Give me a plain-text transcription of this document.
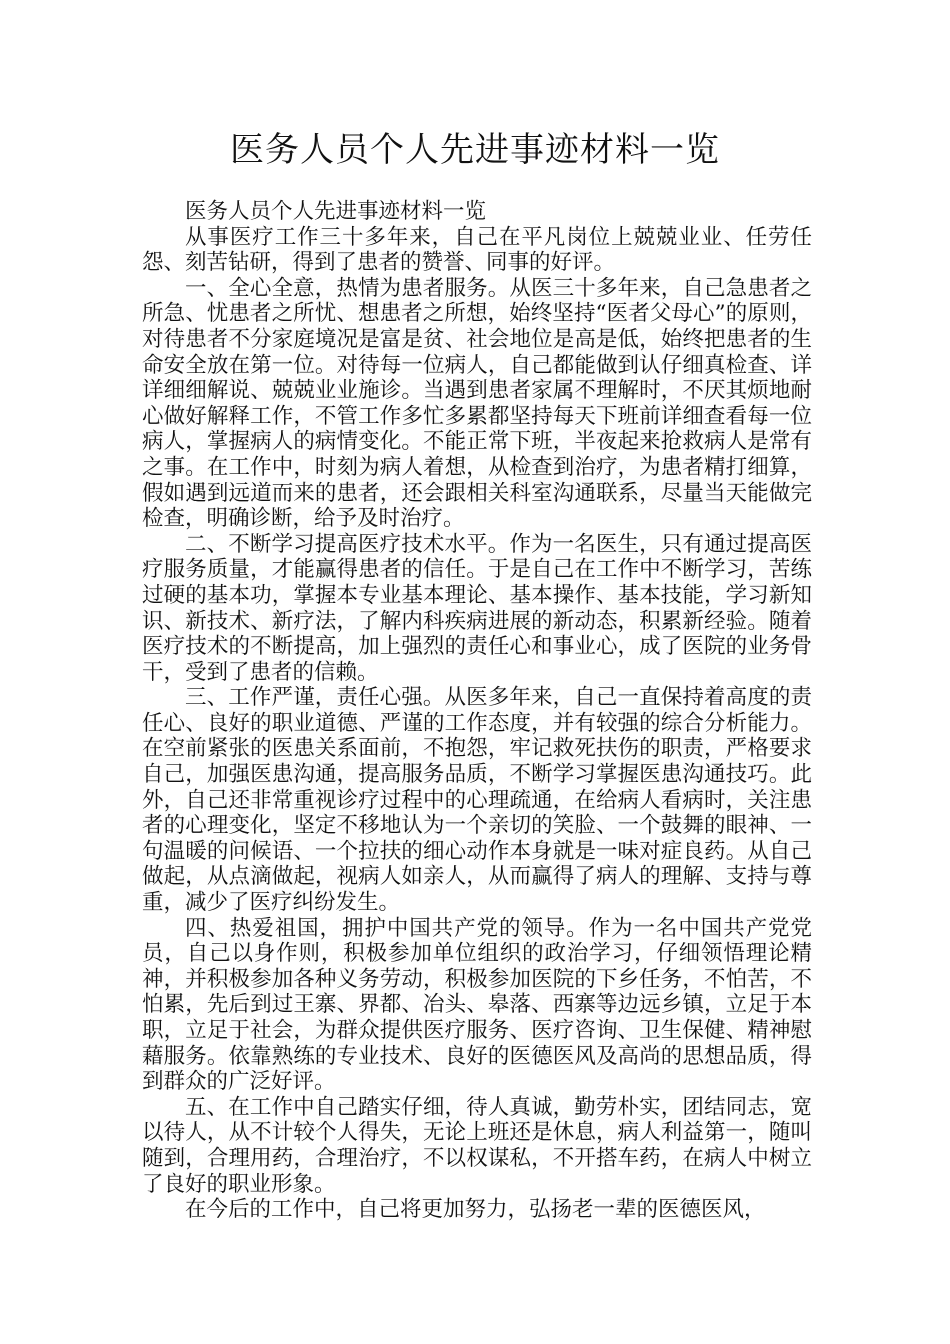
医务人员个人先进事迹材料一览

医务人员个人先进事迹材料一览

从事医疗工作三十多年来，自己在平凡岗位上兢兢业业、任劳任怨、刻苦钻研，得到了患者的赞誉、同事的好评。

一、全心全意，热情为患者服务。从医三十多年来，自己急患者之所急、忧患者之所忧、想患者之所想，始终坚持“医者父母心”的原则，对待患者不分家庭境况是富是贫、社会地位是高是低，始终把患者的生命安全放在第一位。对待每一位病人，自己都能做到认仔细真检查、详详细细解说、兢兢业业施诊。当遇到患者家属不理解时，不厌其烦地耐心做好解释工作，不管工作多忙多累都坚持每天下班前详细查看每一位病人，掌握病人的病情变化。不能正常下班，半夜起来抢救病人是常有之事。在工作中，时刻为病人着想，从检查到治疗，为患者精打细算，假如遇到远道而来的患者，还会跟相关科室沟通联系，尽量当天能做完检查，明确诊断，给予及时治疗。

二、不断学习提高医疗技术水平。作为一名医生，只有通过提高医疗服务质量，才能赢得患者的信任。于是自己在工作中不断学习，苦练过硬的基本功，掌握本专业基本理论、基本操作、基本技能，学习新知识、新技术、新疗法，了解内科疾病进展的新动态，积累新经验。随着医疗技术的不断提高，加上强烈的责任心和事业心，成了医院的业务骨干，受到了患者的信赖。

三、工作严谨，责任心强。从医多年来，自己一直保持着高度的责任心、良好的职业道德、严谨的工作态度，并有较强的综合分析能力。在空前紧张的医患关系面前，不抱怨，牢记救死扶伤的职责，严格要求自己，加强医患沟通，提高服务品质，不断学习掌握医患沟通技巧。此外，自己还非常重视诊疗过程中的心理疏通，在给病人看病时，关注患者的心理变化，坚定不移地认为一个亲切的笑脸、一个鼓舞的眼神、一句温暖的问候语、一个拉扶的细心动作本身就是一味对症良药。从自己做起，从点滴做起，视病人如亲人，从而赢得了病人的理解、支持与尊重，减少了医疗纠纷发生。

四、热爱祖国，拥护中国共产党的领导。作为一名中国共产党党员，自己以身作则，积极参加单位组织的政治学习，仔细领悟理论精神，并积极参加各种义务劳动，积极参加医院的下乡任务，不怕苦，不怕累，先后到过王寨、界都、冶头、皋落、西寨等边远乡镇，立足于本职，立足于社会，为群众提供医疗服务、医疗咨询、卫生保健、精神慰藉服务。依靠熟练的专业技术、良好的医德医风及高尚的思想品质，得到群众的广泛好评。

五、在工作中自己踏实仔细，待人真诚，勤劳朴实，团结同志，宽以待人，从不计较个人得失，无论上班还是休息，病人利益第一，随叫随到，合理用药，合理治疗，不以权谋私，不开搭车药，在病人中树立了良好的职业形象。

在今后的工作中，自己将更加努力，弘扬老一辈的医德医风，
